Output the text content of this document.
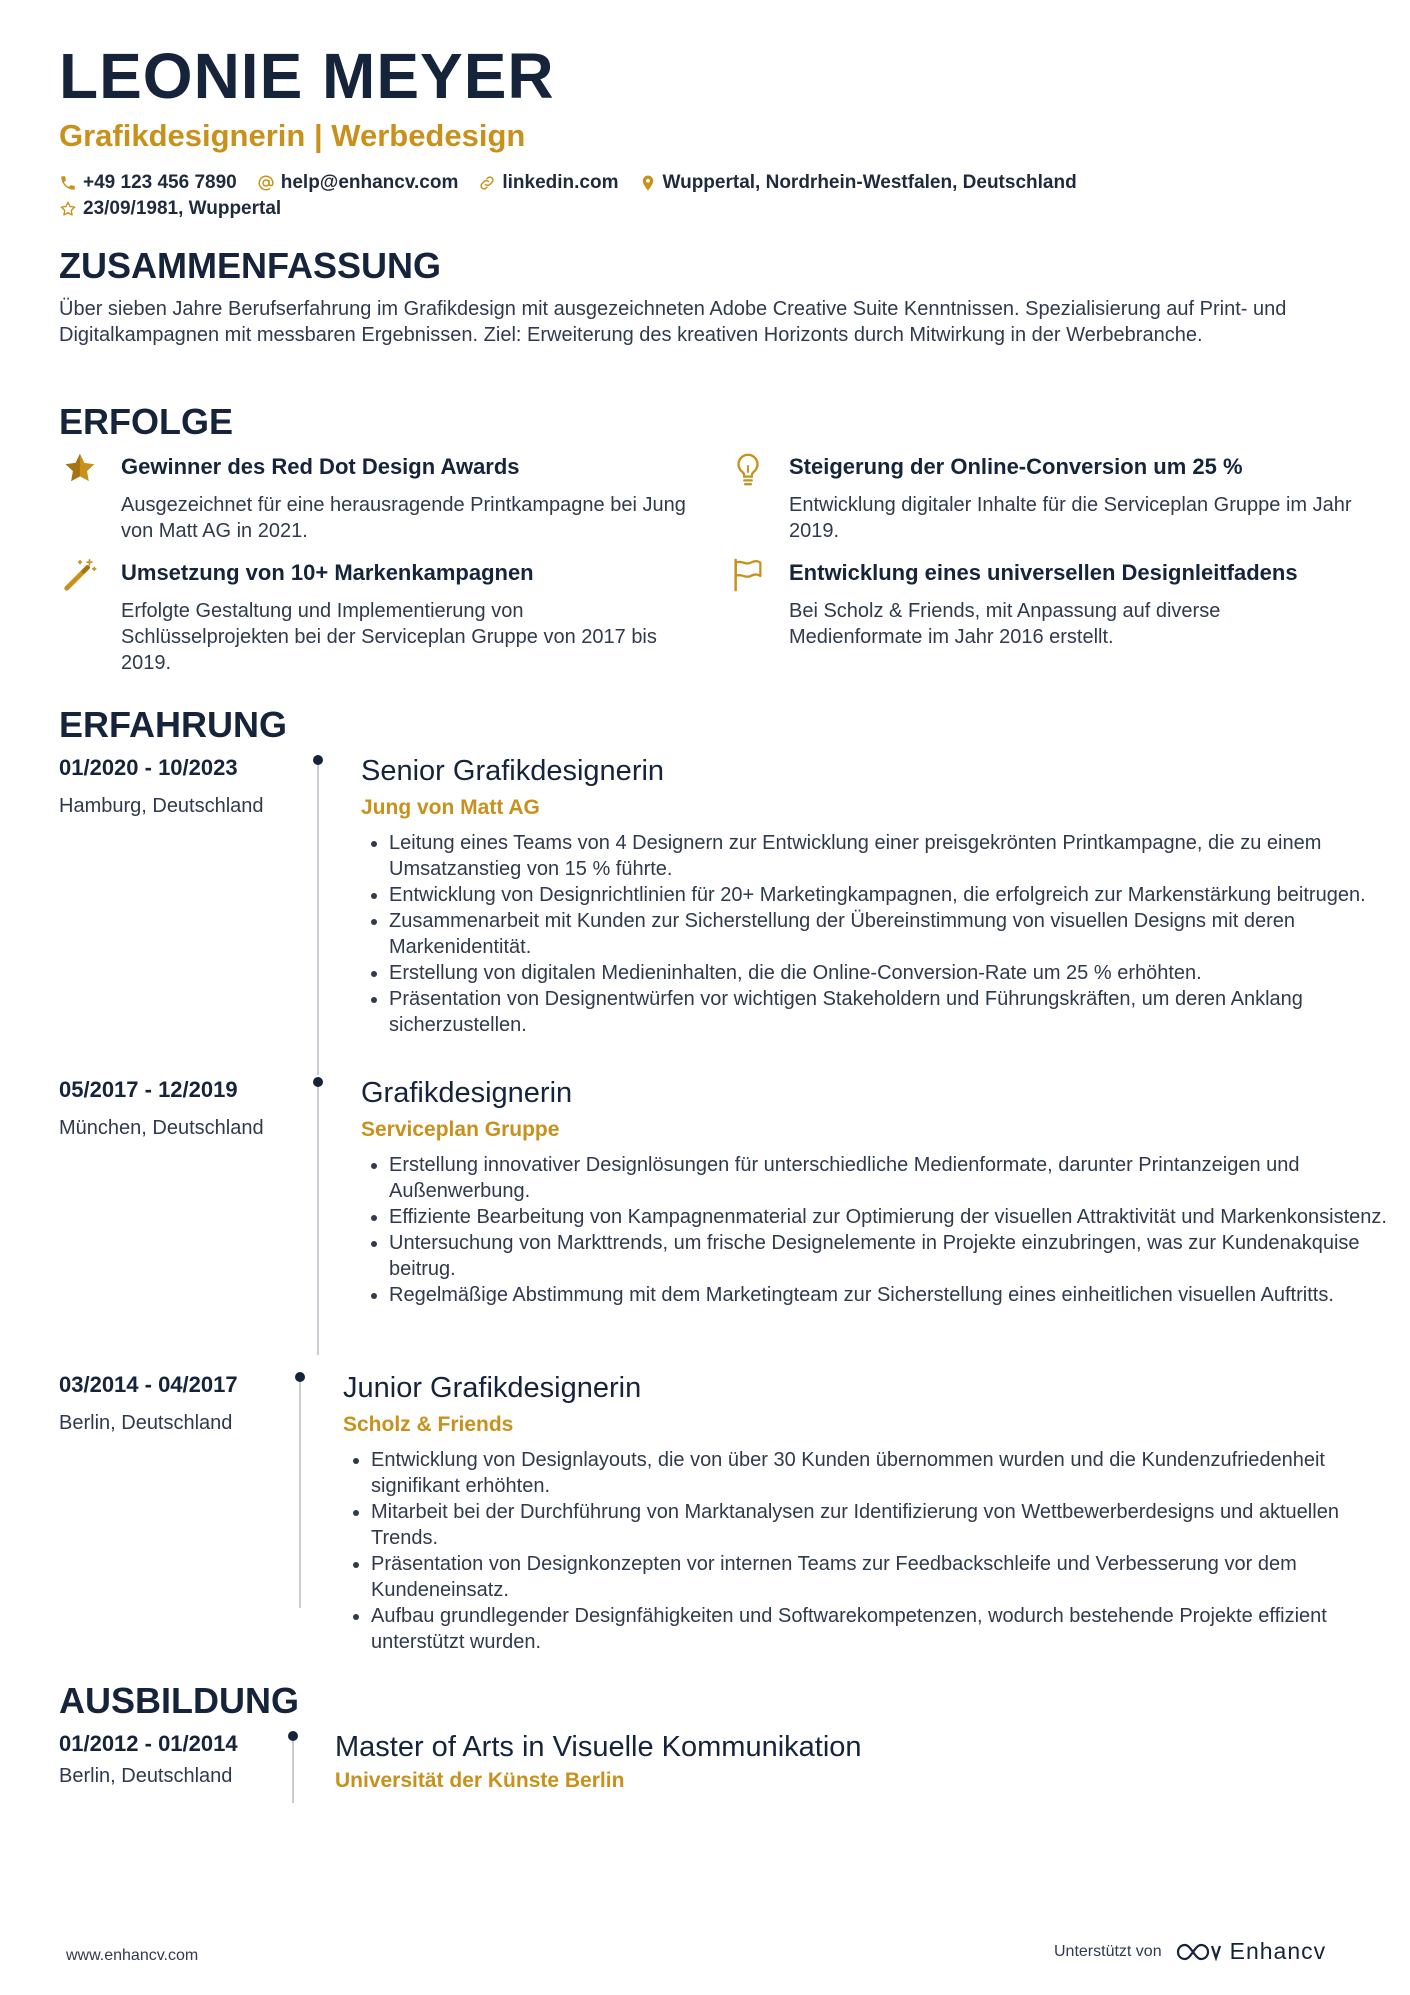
LEONIE MEYER
Grafikdesignerin | Werbedesign
+49 123 456 7890 help@enhancv.com linkedin.com Wuppertal, Nordrhein-Westfalen, Deutschland
23/09/1981, Wuppertal
ZUSAMMENFASSUNG
Über sieben Jahre Berufserfahrung im Grafikdesign mit ausgezeichneten Adobe Creative Suite Kenntnissen. Spezialisierung auf Print- und Digitalkampagnen mit messbaren Ergebnissen. Ziel: Erweiterung des kreativen Horizonts durch Mitwirkung in der Werbebranche.
ERFOLGE
Gewinner des Red Dot Design Awards
Ausgezeichnet für eine herausragende Printkampagne bei Jung von Matt AG in 2021.
Steigerung der Online-Conversion um 25 %
Entwicklung digitaler Inhalte für die Serviceplan Gruppe im Jahr 2019.
Umsetzung von 10+ Markenkampagnen
Erfolgte Gestaltung und Implementierung von Schlüsselprojekten bei der Serviceplan Gruppe von 2017 bis 2019.
Entwicklung eines universellen Designleitfadens
Bei Scholz & Friends, mit Anpassung auf diverse Medienformate im Jahr 2016 erstellt.
ERFAHRUNG
01/2020 - 10/2023
Hamburg, Deutschland
Senior Grafikdesignerin
Jung von Matt AG
• Leitung eines Teams von 4 Designern zur Entwicklung einer preisgekrönten Printkampagne, die zu einem Umsatzanstieg von 15 % führte.
• Entwicklung von Designrichtlinien für 20+ Marketingkampagnen, die erfolgreich zur Markenstärkung beitrugen.
• Zusammenarbeit mit Kunden zur Sicherstellung der Übereinstimmung von visuellen Designs mit deren Markenidentität.
• Erstellung von digitalen Medieninhalten, die die Online-Conversion-Rate um 25 % erhöhten.
• Präsentation von Designentwürfen vor wichtigen Stakeholdern und Führungskräften, um deren Anklang sicherzustellen.
05/2017 - 12/2019
München, Deutschland
Grafikdesignerin
Serviceplan Gruppe
• Erstellung innovativer Designlösungen für unterschiedliche Medienformate, darunter Printanzeigen und Außenwerbung.
• Effiziente Bearbeitung von Kampagnenmaterial zur Optimierung der visuellen Attraktivität und Markenkonsistenz.
• Untersuchung von Markttrends, um frische Designelemente in Projekte einzubringen, was zur Kundenakquise beitrug.
• Regelmäßige Abstimmung mit dem Marketingteam zur Sicherstellung eines einheitlichen visuellen Auftritts.
03/2014 - 04/2017
Berlin, Deutschland
Junior Grafikdesignerin
Scholz & Friends
• Entwicklung von Designlayouts, die von über 30 Kunden übernommen wurden und die Kundenzufriedenheit signifikant erhöhten.
• Mitarbeit bei der Durchführung von Marktanalysen zur Identifizierung von Wettbewerberdesigns und aktuellen Trends.
• Präsentation von Designkonzepten vor internen Teams zur Feedbackschleife und Verbesserung vor dem Kundeneinsatz.
• Aufbau grundlegender Designfähigkeiten und Softwarekompetenzen, wodurch bestehende Projekte effizient unterstützt wurden.
AUSBILDUNG
01/2012 - 01/2014
Berlin, Deutschland
Master of Arts in Visuelle Kommunikation
Universität der Künste Berlin
www.enhancv.com	Unterstützt von	Enhancv
